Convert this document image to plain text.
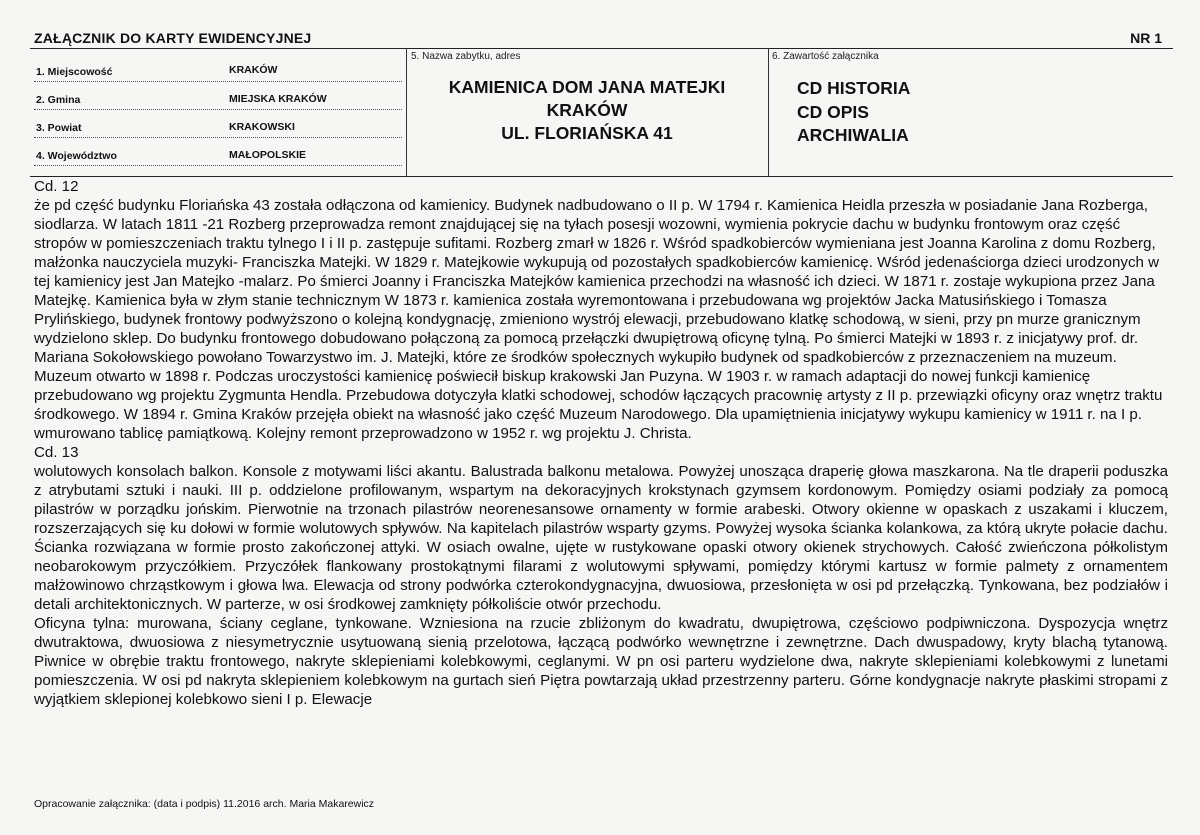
ZAŁĄCZNIK DO KARTY EWIDENCYJNEJ	NR 1
1. Miejscowość	KRAKÓW
2. Gmina	MIEJSKA KRAKÓW
3. Powiat	KRAKOWSKI
4. Województwo	MAŁOPOLSKIE
5. Nazwa zabytku, adres
KAMIENICA DOM JANA MATEJKI
KRAKÓW
UL. FLORIAŃSKA 41
6. Zawartość załącznika
CD HISTORIA
CD OPIS
ARCHIWALIA

Cd. 12

że pd część budynku Floriańska 43 została odłączona od kamienicy. Budynek nadbudowano o II p. W 1794 r. Kamienica Heidla przeszła w posiadanie Jana Rozberga, siodlarza. W latach 1811 -21 Rozberg przeprowadza remont znajdującej się na tyłach posesji wozowni, wymienia pokrycie dachu w budynku frontowym oraz część stropów w pomieszczeniach traktu tylnego I i II p. zastępuje sufitami. Rozberg zmarł w 1826 r. Wśród spadkobierców wymieniana jest Joanna Karolina z domu Rozberg, małżonka nauczyciela muzyki- Franciszka Matejki. W 1829 r. Matejkowie wykupują od pozostałych spadkobierców kamienicę. Wśród jedenaściorga dzieci urodzonych w tej kamienicy jest Jan Matejko -malarz. Po śmierci Joanny i Franciszka Matejków kamienica przechodzi na własność ich dzieci. W 1871 r. zostaje wykupiona przez Jana Matejkę. Kamienica była w złym stanie technicznym W 1873 r. kamienica została wyremontowana i przebudowana wg projektów Jacka Matusińskiego i Tomasza Prylińskiego, budynek frontowy podwyższono o kolejną kondygnację, zmieniono wystrój elewacji, przebudowano klatkę schodową, w sieni, przy pn murze granicznym wydzielono sklep. Do budynku frontowego dobudowano połączoną za pomocą przełączki dwupiętrową oficynę tylną. Po śmierci Matejki w 1893 r. z inicjatywy prof. dr. Mariana Sokołowskiego powołano Towarzystwo im. J. Matejki, które ze środków społecznych wykupiło budynek od spadkobierców z przeznaczeniem na muzeum. Muzeum otwarto w 1898 r. Podczas uroczystości kamienicę poświecił biskup krakowski Jan Puzyna. W 1903 r. w ramach adaptacji do nowej funkcji kamienicę przebudowano wg projektu Zygmunta Hendla. Przebudowa dotyczyła klatki schodowej, schodów łączących pracownię artysty z II p. przewiązki oficyny oraz wnętrz traktu środkowego. W 1894 r. Gmina Kraków przejęła obiekt na własność jako część Muzeum Narodowego. Dla upamiętnienia inicjatywy wykupu kamienicy w 1911 r. na I p. wmurowano tablicę pamiątkową. Kolejny remont przeprowadzono w 1952 r. wg projektu J. Christa.

Cd. 13

wolutowych konsolach balkon. Konsole z motywami liści akantu. Balustrada balkonu metalowa. Powyżej unosząca draperię głowa maszkarona. Na tle draperii poduszka z atrybutami sztuki i nauki. III p. oddzielone profilowanym, wspartym na dekoracyjnych krokstynach gzymsem kordonowym. Pomiędzy osiami podziały za pomocą pilastrów w porządku jońskim. Pierwotnie na trzonach pilastrów neorenesansowe ornamenty w formie arabeski. Otwory okienne w opaskach z uszakami i kluczem, rozszerzających się ku dołowi w formie wolutowych spływów. Na kapitelach pilastrów wsparty gzyms. Powyżej wysoka ścianka kolankowa, za którą ukryte połacie dachu. Ścianka rozwiązana w formie prosto zakończonej attyki. W osiach owalne, ujęte w rustykowane opaski otwory okienek strychowych. Całość zwieńczona półkolistym neobarokowym przyczółkiem. Przyczółek flankowany prostokątnymi filarami z wolutowymi spływami, pomiędzy którymi kartusz w formie palmety z ornamentem małżowinowo chrząstkowym i głowa lwa. Elewacja od strony podwórka czterokondygnacyjna, dwuosiowa, przesłonięta w osi pd przełączką. Tynkowana, bez podziałów i detali architektonicznych. W parterze, w osi środkowej zamknięty półkoliście otwór przechodu.

Oficyna tylna: murowana, ściany ceglane, tynkowane. Wzniesiona na rzucie zbliżonym do kwadratu, dwupiętrowa, częściowo podpiwniczona. Dyspozycja wnętrz dwutraktowa, dwuosiowa z niesymetrycznie usytuowaną sienią przelotowa, łączącą podwórko wewnętrzne i zewnętrzne. Dach dwuspadowy, kryty blachą tytanową. Piwnice w obrębie traktu frontowego, nakryte sklepieniami kolebkowymi, ceglanymi. W pn osi parteru wydzielone dwa, nakryte sklepieniami kolebkowymi z lunetami pomieszczenia. W osi pd nakryta sklepieniem kolebkowym na gurtach sień Piętra powtarzają układ przestrzenny parteru. Górne kondygnacje nakryte płaskimi stropami z wyjątkiem sklepionej kolebkowo sieni I p. Elewacje

Opracowanie załącznika: (data i podpis) 11.2016 arch. Maria Makarewicz
